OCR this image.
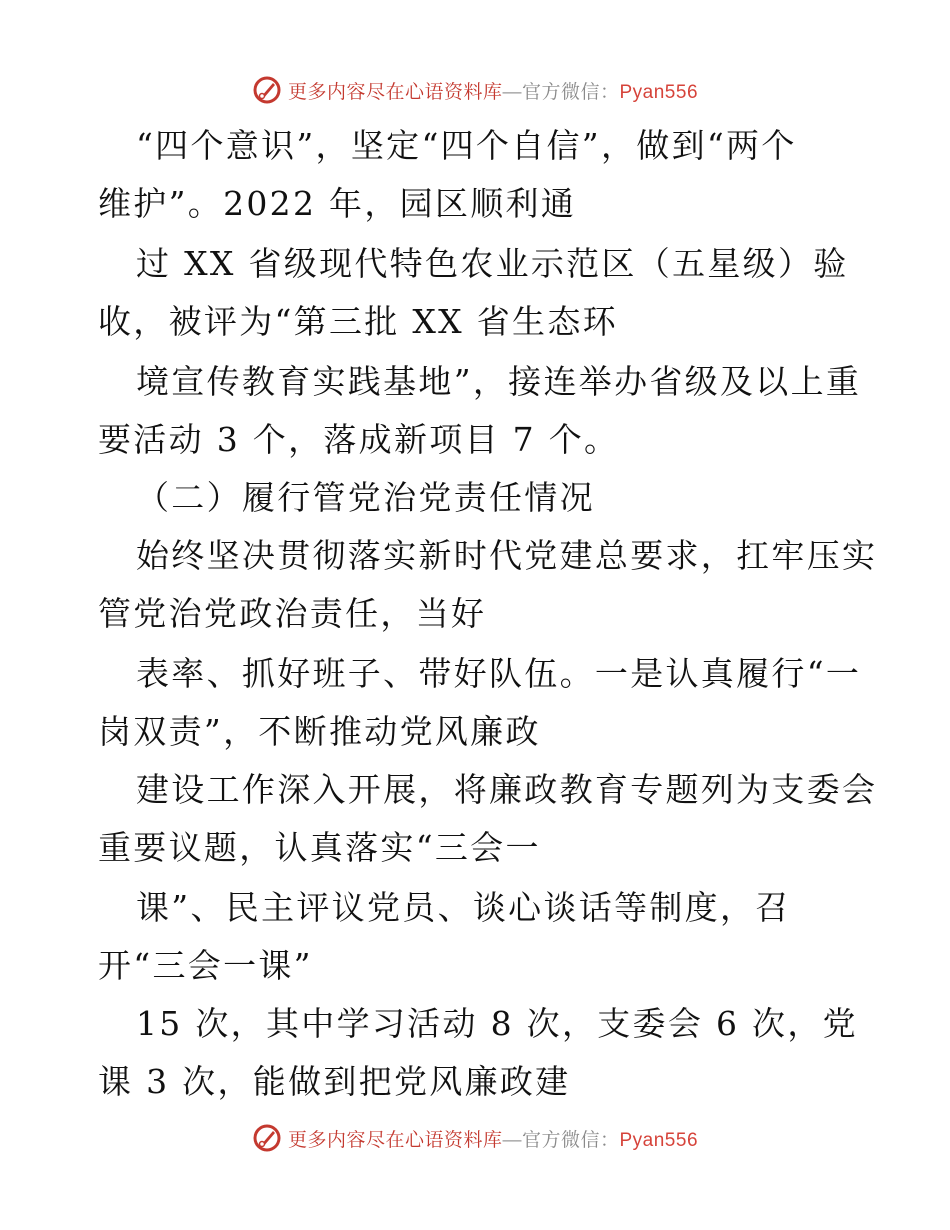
更多内容尽在心语资料库—官方微信：Pyan556
“四个意识”，坚定“四个自信”，做到“两个
维护”。2022 年，园区顺利通
过 XX 省级现代特色农业示范区（五星级）验
收，被评为“第三批 XX 省生态环
境宣传教育实践基地”，接连举办省级及以上重
要活动 3 个，落成新项目 7 个。
（二）履行管党治党责任情况
始终坚决贯彻落实新时代党建总要求，扛牢压实
管党治党政治责任，当好
表率、抓好班子、带好队伍。一是认真履行“一
岗双责”，不断推动党风廉政
建设工作深入开展，将廉政教育专题列为支委会
重要议题，认真落实“三会一
课”、民主评议党员、谈心谈话等制度，召
开“三会一课”
15 次，其中学习活动 8 次，支委会 6 次，党
课 3 次，能做到把党风廉政建
更多内容尽在心语资料库—官方微信：Pyan556
